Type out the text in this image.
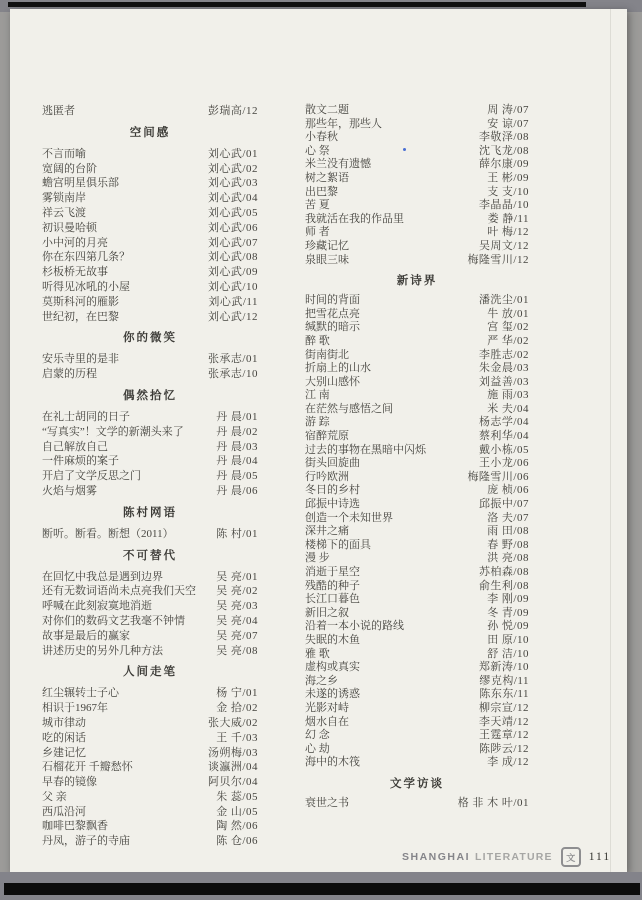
逃匿者	彭瑞高/12
空间感
不言而喻	刘心武/01
宽阔的台阶	刘心武/02
蟾宫明星俱乐部	刘心武/03
雾锁南岸	刘心武/04
祥云飞渡	刘心武/05
初识曼哈顿	刘心武/06
小中河的月亮	刘心武/07
你在东四第几条？	刘心武/08
杉板桥无故事	刘心武/09
听得见冰吼的小屋	刘心武/10
莫斯科河的雁影	刘心武/11
世纪初，在巴黎	刘心武/12
你的微笑
安乐寺里的是非	张承志/01
启蒙的历程	张承志/10
偶然拾忆
在礼士胡同的日子	丹 晨/01
“写真实”！文学的新潮头来了	丹 晨/02
自己解放自己	丹 晨/03
一件麻烦的案子	丹 晨/04
开启了文学反思之门	丹 晨/05
火焰与烟雾	丹 晨/06
陈村网语
断听。断看。断想（2011）	陈 村/01
不可替代
在回忆中我总是遇到边界	吴 亮/01
还有无数词语尚未点亮我们天空 吴 亮/02
呼喊在此刻寂寞地消逝	吴 亮/03
对你们的数码文艺我毫不钟情	吴 亮/04
故事是最后的赢家	吴 亮/07
讲述历史的另外几种方法	吴 亮/08
人间走笔
红尘辗转士子心	杨 宁/01
相识于1967年	金 拾/02
城市律动	张大威/02
吃的闲话	王 千/03
乡建记忆	汤朔梅/03
石榴花开 千瓣愁怀	谈瀛洲/04
早春的镜像	阿贝尔/04
父 亲	朱 蕊/05
西瓜沿河	金 山/05
咖啡巴黎飘香	陶 然/06
丹凤，游子的寺庙	陈 仓/06
散文二题	周 涛/07
那些年，那些人	安 谅/07
小春秋	李敬泽/08
心 祭	沈飞龙/08
米兰没有遗憾	薛尔康/09
树之絮语	王 彬/09
出巴黎	支 支/10
苦 夏	李晶晶/10
我就活在我的作品里	娄 静/11
师 者	叶 梅/12
珍藏记忆	吴周文/12
泉眼三味	梅隆雪川/12
新诗界
时间的背面	潘洗尘/01
把雪花点亮	牛 放/01
缄默的暗示	宫 玺/02
醉 歌	严 华/02
街南街北	李胜志/02
折扇上的山水	朱金晨/03
大别山感怀	刘益善/03
江 南	施 雨/03
在茫然与感悟之间	米 夫/04
游 踪	杨志学/04
宿醉荒原	蔡利华/04
过去的事物在黑暗中闪烁	戴小栋/05
街头回旋曲	王小龙/06
行吟欧洲	梅隆雪川/06
冬日的乡村	庞 桢/06
邱振中诗选	邱振中/07
创造一个未知世界	洛 夫/07
深井之痛	雨 田/08
楼梯下的面具	春 野/08
漫 步	洪 亮/08
消逝于星空	苏柏森/08
残酷的种子	俞生利/08
长江口暮色	李 刚/09
新旧之叙	冬 青/09
沿着一本小说的路线	孙 悦/09
失眠的木鱼	田 原/10
雅 歌	舒 洁/10
虚构或真实	郑新涛/10
海之乡	缪克构/11
未遂的诱惑	陈东东/11
光影对峙	柳宗宣/12
烟水自在	李天靖/12
幻 念	王霆章/12
心 劫	陈陟云/12
海中的木筏	李 成/12
文学访谈
衰世之书	格 非 木 叶/01
SHANGHAI LITERATURE	文	111
